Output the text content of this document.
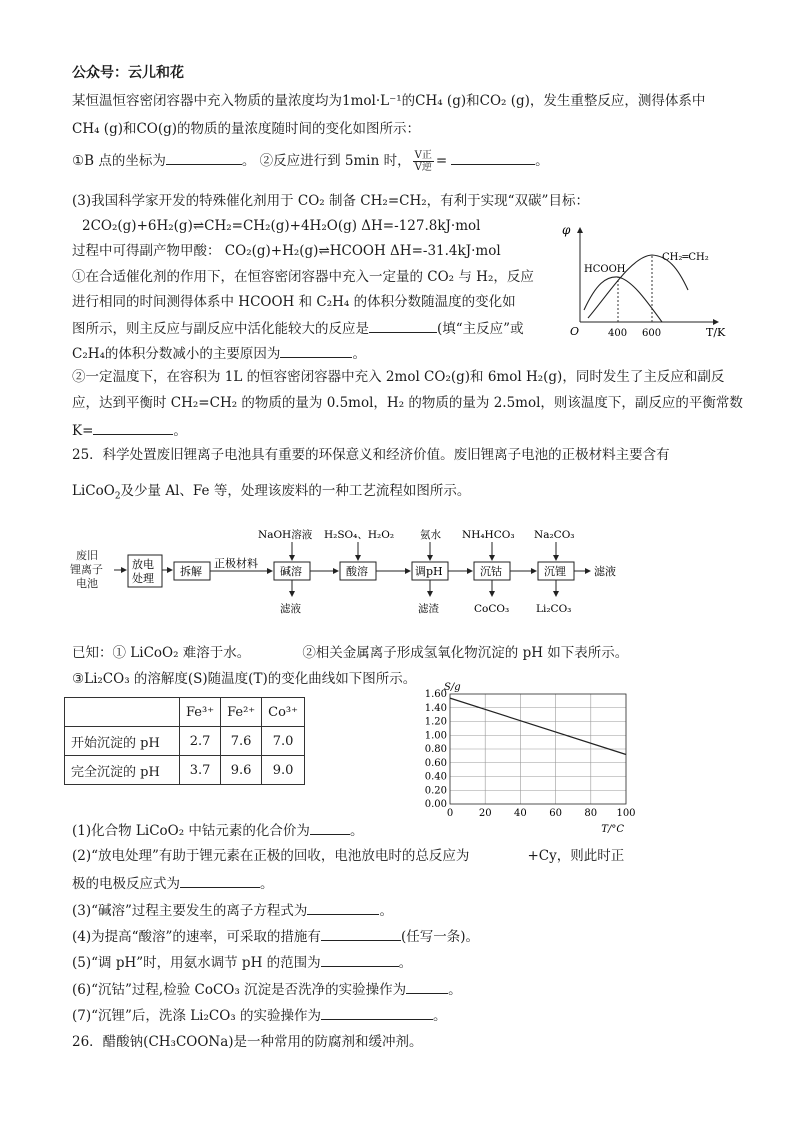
公众号：云儿和花
某恒温恒容密闭容器中充入物质的量浓度均为1mol·L⁻¹的CH₄ (g)和CO₂ (g)，发生重整反应，测得体系中
CH₄ (g)和CO(g)的物质的量浓度随时间的变化如图所示：
①B 点的坐标为	。 ②反应进行到 5min 时， $\frac{\text{V正}}{\text{V逆}}$ =	。
(3)我国科学家开发的特殊催化剂用于 CO₂ 制备 CH₂=CH₂，有利于实现“双碳”目标：
2CO₂(g)+6H₂(g)⇌CH₂=CH₂(g)+4H₂O(g) ΔH=-127.8kJ·mol
过程中可得副产物甲酸： CO₂(g)+H₂(g)⇌HCOOH ΔH=-31.4kJ·mol
①在合适催化剂的作用下，在恒容密闭容器中充入一定量的 CO₂ 与 H₂，反应
进行相同的时间测得体系中 HCOOH 和 C₂H₄ 的体积分数随温度的变化如
图所示，则主反应与副反应中活化能较大的反应是	(填“主反应”或
C₂H₄的体积分数减小的主要原因为	。
②一定温度下，在容积为 1L 的恒容密闭容器中充入 2mol CO₂(g)和 6mol H₂(g)，同时发生了主反应和副反
应，达到平衡时 CH₂=CH₂ 的物质的量为 0.5mol，H₂ 的物质的量为 2.5mol，则该温度下，副反应的平衡常数
K=	。
φ
T/K
O	400 600
HCOOH
CH₂═CH₂
25．科学处置废旧锂离子电池具有重要的环保意义和经济价值。废旧锂离子电池的正极材料主要含有
LiCoO$_2$及少量 Al、Fe 等，处理该废料的一种工艺流程如图所示。
废旧
锂离子
电池
放电
处理
拆解
正极材料
碱溶	酸溶	调pH	沉钴	沉锂	滤液
NaOH溶液 H₂SO₄、H₂O₂ 氨水 NH₄HCO₃ Na₂CO₃
滤液	滤渣	CoCO₃	Li₂CO₃
已知：① LiCoO₂ 难溶于水。	②相关金属离子形成氢氧化物沉淀的 pH 如下表所示。
③Li₂CO₃ 的溶解度(S)随温度(T)的变化曲线如下图所示。
	Fe³⁺	Fe²⁺	Co³⁺
开始沉淀的 pH	2.7	7.6	7.0
完全沉淀的 pH	3.7	9.6	9.0
0.00
0.20
0.40
0.60
0.80
1.00
1.20
1.40
1.60
0	20 40 60 80 100
S/g
T/°C
(1)化合物 LiCoO₂ 中钴元素的化合价为	。
(2)“放电处理”有助于锂元素在正极的回收，电池放电时的总反应为	+Cy，则此时正
极的电极反应式为	。
(3)“碱溶”过程主要发生的离子方程式为	。
(4)为提高“酸溶”的速率，可采取的措施有	(任写一条)。
(5)“调 pH”时，用氨水调节 pH 的范围为	。
(6)“沉钴”过程,检验 CoCO₃ 沉淀是否洗净的实验操作为	。
(7)“沉锂”后，洗涤 Li₂CO₃ 的实验操作为	。
26．醋酸钠(CH₃COONa)是一种常用的防腐剂和缓冲剂。
